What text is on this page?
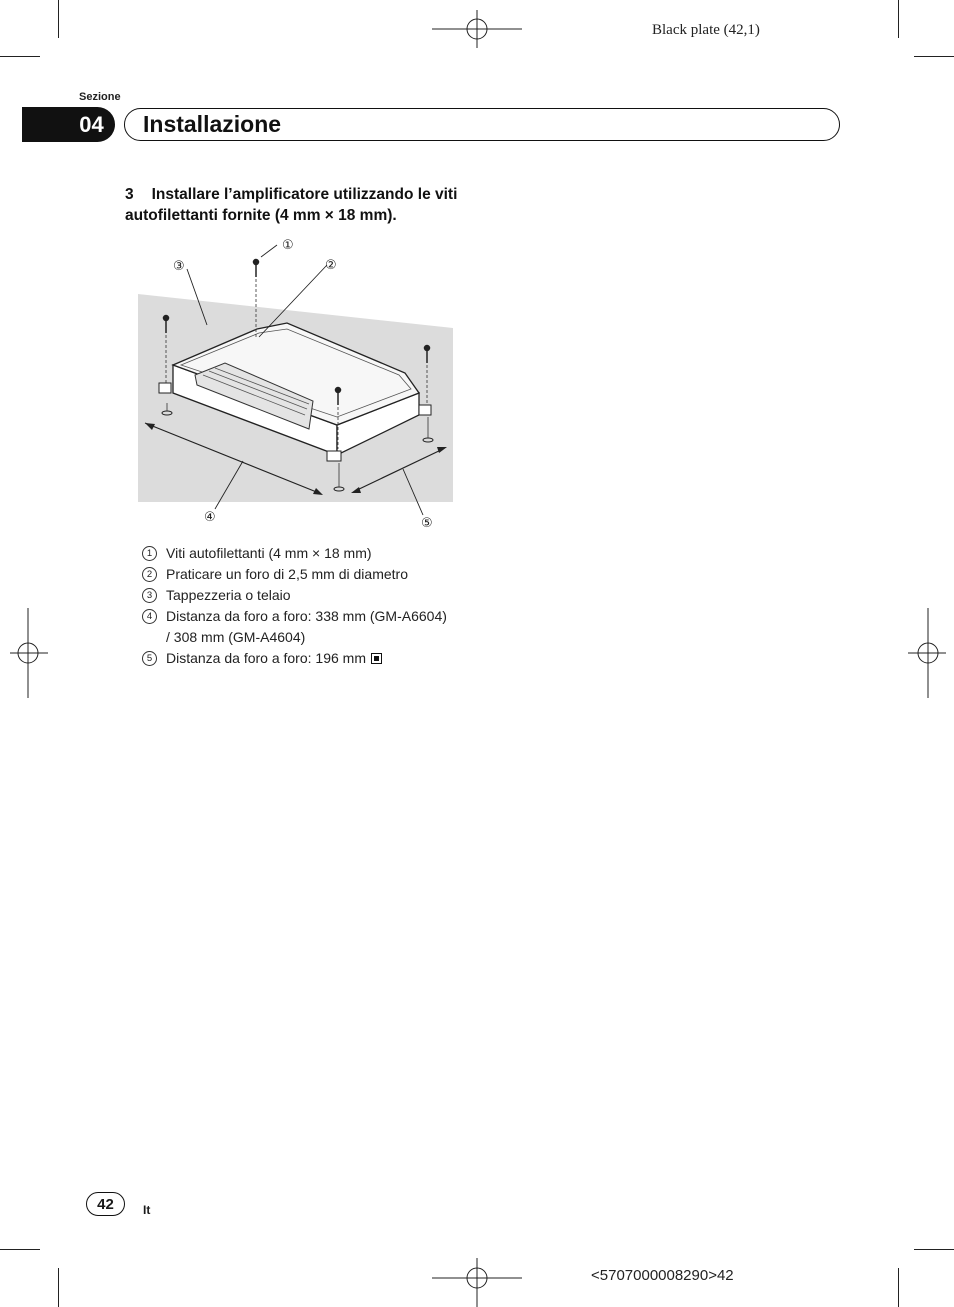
Black plate (42,1)
Sezione
04 Installazione
3 Installare l’amplificatore utilizzando le viti autofilettanti fornite (4 mm × 18 mm).
①
②
③
④	⑤
1 Viti autofilettanti (4 mm × 18 mm)
2 Praticare un foro di 2,5 mm di diametro
3 Tappezzeria o telaio
4 Distanza da foro a foro: 338 mm (GM-A6604) / 308 mm (GM-A4604)
5 Distanza da foro a foro: 196 mm
42 It
<5707000008290>42
